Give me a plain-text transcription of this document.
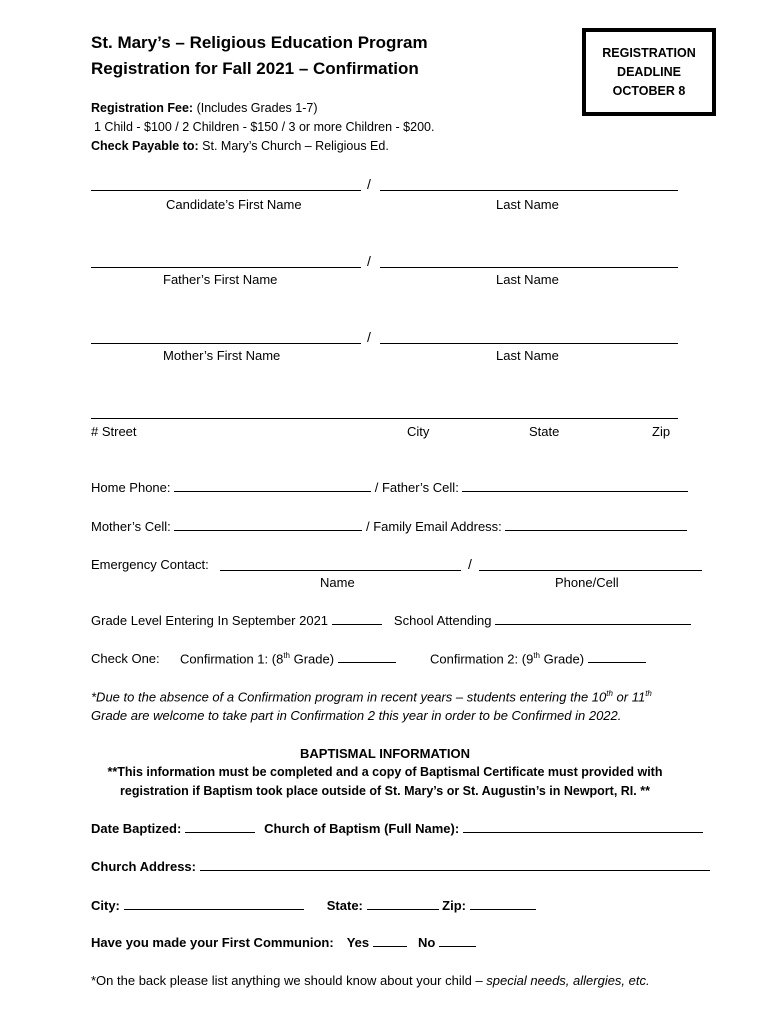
St. Mary’s – Religious Education Program
Registration for Fall 2021 – Confirmation
REGISTRATION
DEADLINE
OCTOBER 8
Registration Fee: (Includes Grades 1-7)
1 Child - $100 / 2 Children - $150 / 3 or more Children - $200.
Check Payable to: St. Mary’s Church – Religious Ed.
/
Candidate’s First Name	Last Name
/
Father’s First Name	Last Name
/
Mother’s First Name	Last Name
# Street	City	State	Zip
Home Phone:	/ Father’s Cell:
Mother’s Cell:	/ Family Email Address:
Emergency Contact:	/
Name	Phone/Cell
Grade Level Entering In September 2021	School Attending
Check One: Confirmation 1: (8th Grade)	Confirmation 2: (9th Grade)
*Due to the absence of a Confirmation program in recent years – students entering the 10th or 11th
Grade are welcome to take part in Confirmation 2 this year in order to be Confirmed in 2022.
BAPTISMAL INFORMATION
**This information must be completed and a copy of Baptismal Certificate must provided with
registration if Baptism took place outside of St. Mary’s or St. Augustin’s in Newport, RI. **
Date Baptized:	Church of Baptism (Full Name):
Church Address:
City:	State:	Zip:
Have you made your First Communion: Yes	No
*On the back please list anything we should know about your child – special needs, allergies, etc.
